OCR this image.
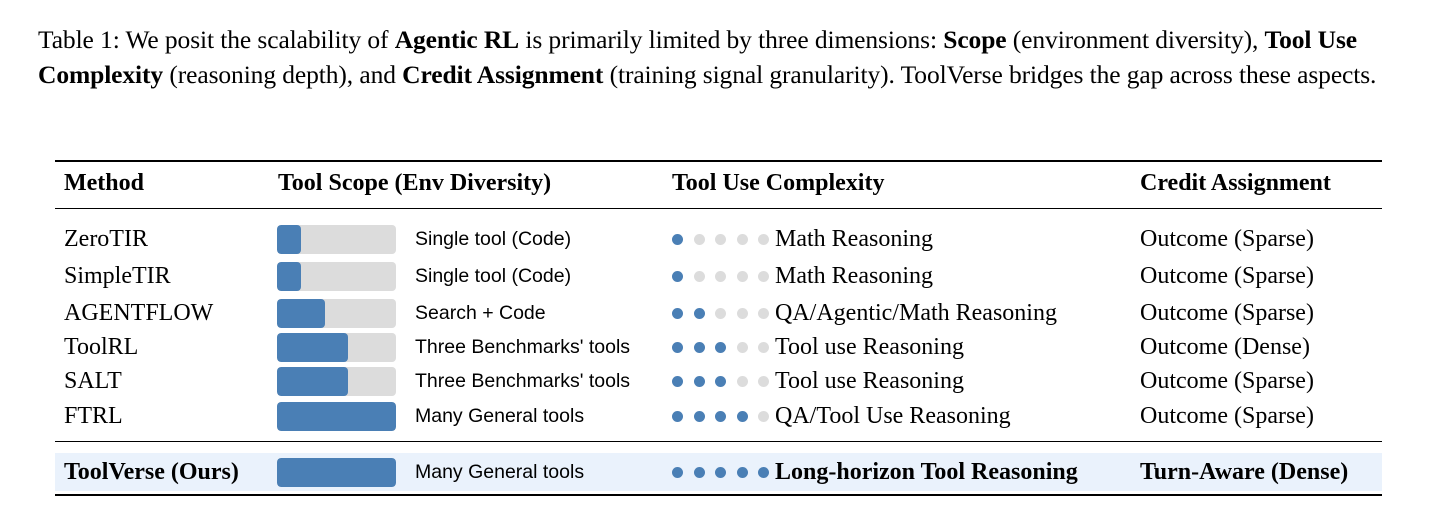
Table 1: We posit the scalability of Agentic RL is primarily limited by three dimensions: Scope (environment diversity), Tool Use Complexity (reasoning depth), and Credit Assignment (training signal granularity). ToolVerse bridges the gap across these aspects.
Method	Tool Scope (Env Diversity)	Tool Use Complexity	Credit Assignment
ZeroTIR	Single tool (Code)	Math Reasoning	Outcome (Sparse)
SimpleTIR	Single tool (Code)	Math Reasoning	Outcome (Sparse)
AGENTFLOW	Search + Code	QA/Agentic/Math Reasoning	Outcome (Sparse)
ToolRL	Three Benchmarks' tools	Tool use Reasoning	Outcome (Dense)
SALT	Three Benchmarks' tools	Tool use Reasoning	Outcome (Sparse)
FTRL	Many General tools	QA/Tool Use Reasoning	Outcome (Sparse)
ToolVerse (Ours)	Many General tools	Long-horizon Tool Reasoning	Turn-Aware (Dense)
